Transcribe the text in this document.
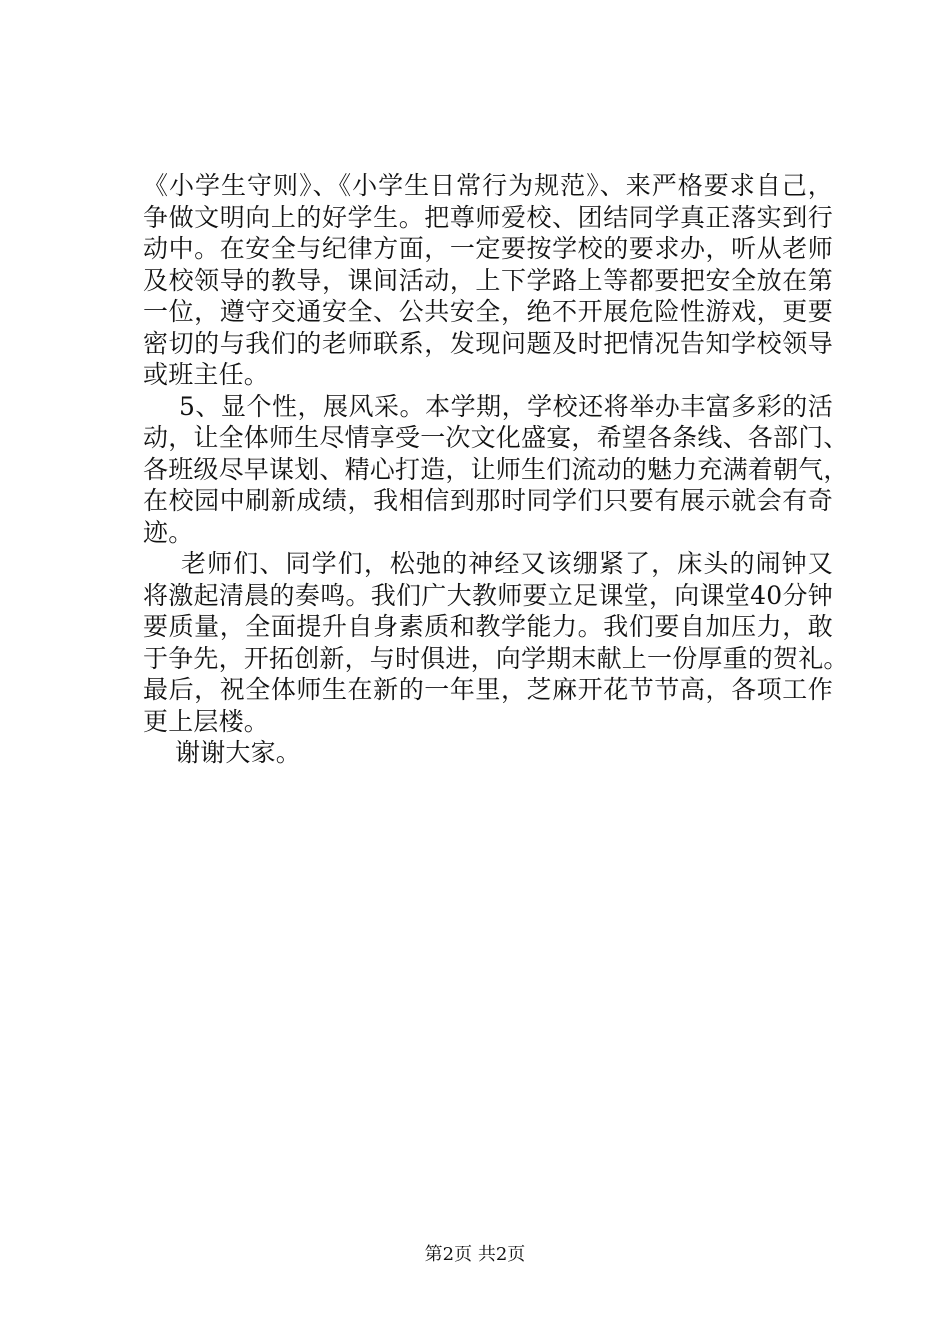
《小学生守则》、《小学生日常行为规范》、来严格要求自己，
争做文明向上的好学生。把尊师爱校、团结同学真正落实到行
动中。在安全与纪律方面，一定要按学校的要求办，听从老师
及校领导的教导，课间活动，上下学路上等都要把安全放在第
一位，遵守交通安全、公共安全，绝不开展危险性游戏，更要
密切的与我们的老师联系，发现问题及时把情况告知学校领导
或班主任。
5、显个性，展风采。本学期，学校还将举办丰富多彩的活
动，让全体师生尽情享受一次文化盛宴，希望各条线、各部门、
各班级尽早谋划、精心打造，让师生们流动的魅力充满着朝气，
在校园中刷新成绩，我相信到那时同学们只要有展示就会有奇
迹。
老师们、同学们，松弛的神经又该绷紧了，床头的闹钟又
将激起清晨的奏鸣。我们广大教师要立足课堂，向课堂40分钟
要质量，全面提升自身素质和教学能力。我们要自加压力，敢
于争先，开拓创新，与时俱进，向学期末献上一份厚重的贺礼。
最后，祝全体师生在新的一年里，芝麻开花节节高，各项工作
更上层楼。
谢谢大家。
第2页 共2页
